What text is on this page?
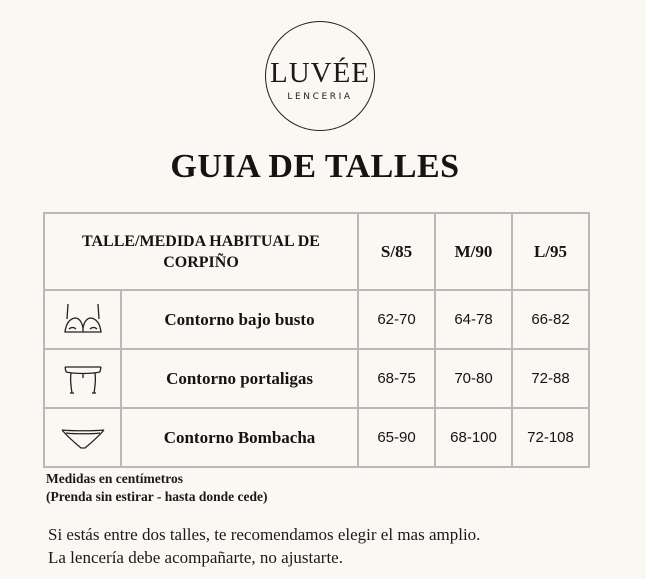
LUVÉE
LENCERIA
GUIA DE TALLES
TALLE/MEDIDA HABITUAL DE CORPIÑO		S/85	M/90	L/95

	Contorno bajo busto	62-70	64-78	66-82

	Contorno portaligas	68-75	70-80	72-88

	Contorno Bombacha	65-90	68-100	72-108
Medidas en centímetros
(Prenda sin estirar - hasta donde cede)
Si estás entre dos talles, te recomendamos elegir el mas amplio.
La lencería debe acompañarte, no ajustarte.
